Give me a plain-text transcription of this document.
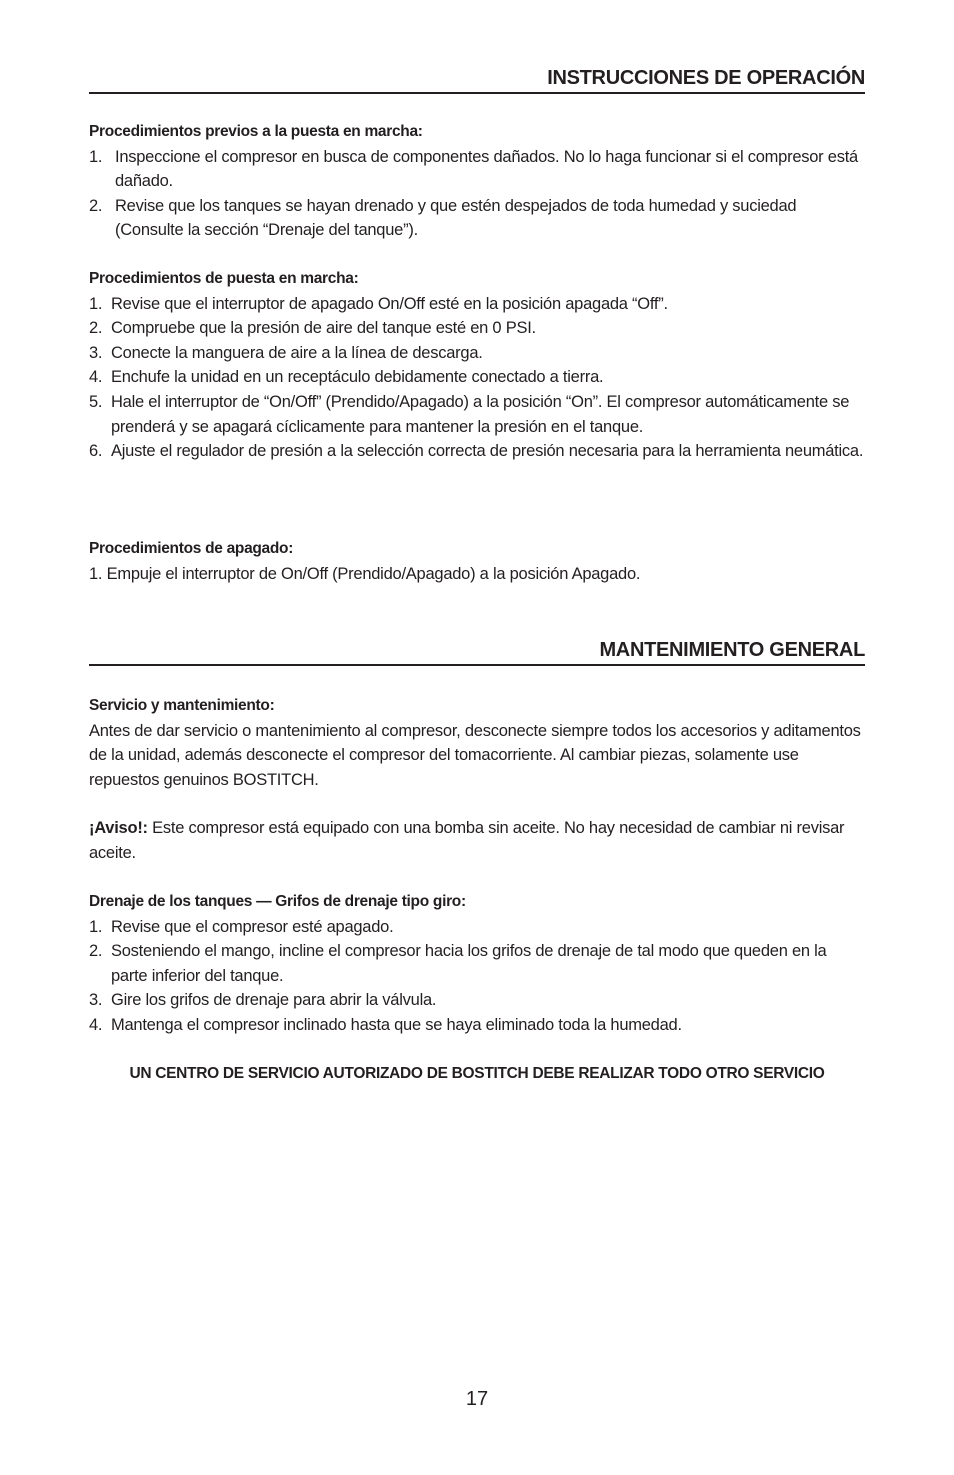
INSTRUCCIONES DE OPERACIÓN
Procedimientos previos a la puesta en marcha:
1. Inspeccione el compresor en busca de componentes dañados. No lo haga funcionar si el compresor está dañado.
2. Revise que los tanques se hayan drenado y que estén despejados de toda humedad y suciedad (Consulte la sección “Drenaje del tanque”).
Procedimientos de puesta en marcha:
1. Revise que el interruptor de apagado On/Off esté en la posición apagada “Off”.
2. Compruebe que la presión de aire del tanque esté en 0 PSI.
3. Conecte la manguera de aire a la línea de descarga.
4. Enchufe la unidad en un receptáculo debidamente conectado a tierra.
5. Hale el interruptor de “On/Off” (Prendido/Apagado) a la posición “On”. El compresor automáticamente se prenderá y se apagará cíclicamente para mantener la presión en el tanque.
6. Ajuste el regulador de presión a la selección correcta de presión necesaria para la herramienta neumática.
Procedimientos de apagado:

1. Empuje el interruptor de On/Off (Prendido/Apagado) a la posición Apagado.

MANTENIMIENTO GENERAL
Servicio y mantenimiento:

Antes de dar servicio o mantenimiento al compresor, desconecte siempre todos los accesorios y aditamentos de la unidad, además desconecte el compresor del tomacorriente. Al cambiar piezas, solamente use repuestos genuinos BOSTITCH.

¡Aviso!: Este compresor está equipado con una bomba sin aceite. No hay necesidad de cambiar ni revisar aceite.

Drenaje de los tanques — Grifos de drenaje tipo giro:
1. Revise que el compresor esté apagado.
2. Sosteniendo el mango, incline el compresor hacia los grifos de drenaje de tal modo que queden en la parte inferior del tanque.
3. Gire los grifos de drenaje para abrir la válvula.
4. Mantenga el compresor inclinado hasta que se haya eliminado toda la humedad.
UN CENTRO DE SERVICIO AUTORIZADO DE BOSTITCH DEBE REALIZAR TODO OTRO SERVICIO
17
